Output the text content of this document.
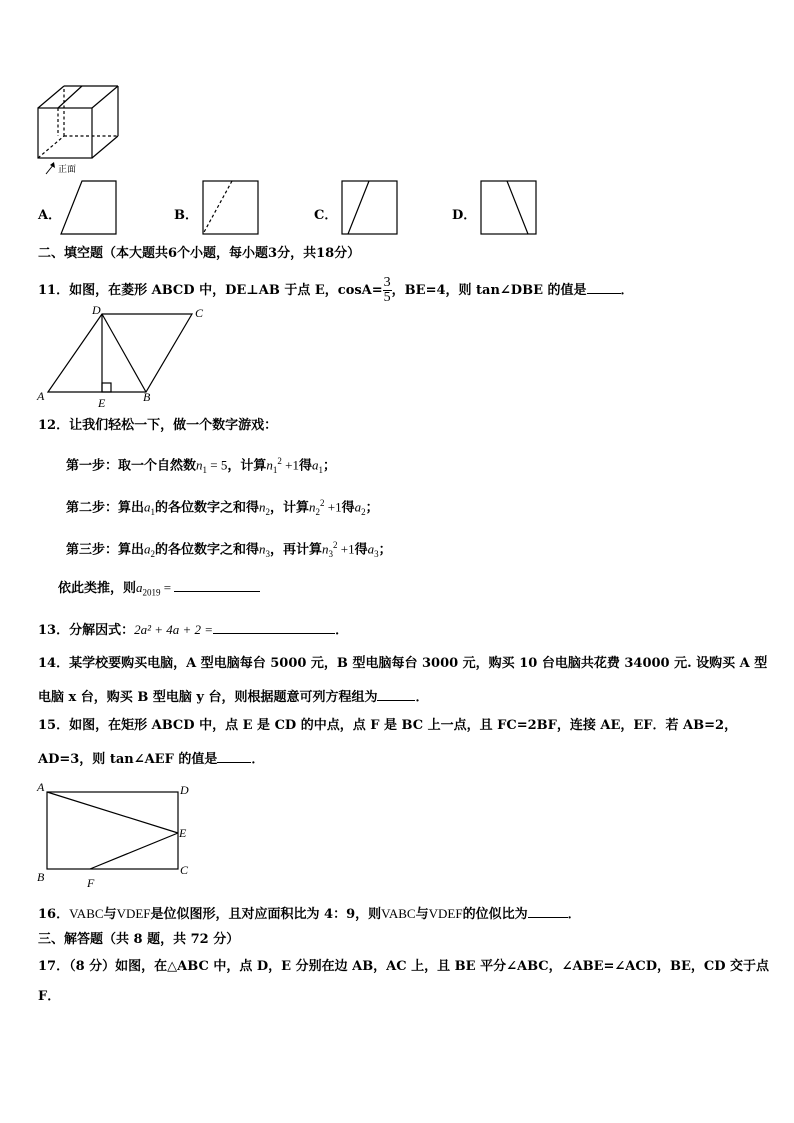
正面
A．	B．	C．	D．
二、填空题（本大题共6个小题，每小题3分，共18分）
11．如图，在菱形 ABCD 中，DE⊥AB 于点 E，$\cos A= \frac{3}{5}$ ，BE=4，则 tan∠DBE 的值是	．
D	C
A	E	B
12．让我们轻松一下，做一个数字游戏：
第一步：取一个自然数$n_1 = 5$，计算$n_1^2 +1$得$a_1$；
第二步：算出$a_1$的各位数字之和得$n_2$，计算$n_2^2 +1$得$a_2$；
第三步：算出$a_2$的各位数字之和得$n_3$，再计算$n_3^2 +1$得$a_3$；
依此类推，则$a_{2019}$ =
13．分解因式：2a² + 4a + 2 =	．
14．某学校要购买电脑，A 型电脑每台 5000 元，B 型电脑每台 3000 元，购买 10 台电脑共花费 34000 元. 设购买 A 型
电脑 x 台，购买 B 型电脑 y 台，则根据题意可列方程组为	．
15．如图，在矩形 ABCD 中，点 E 是 CD 的中点，点 F 是 BC 上一点，且 FC=2BF，连接 AE，EF．若 AB=2，
AD=3，则 tan∠AEF 的值是	．
A	D
E
C
B	F
16．VABC与VDEF是位似图形，且对应面积比为 4：9，则VABC与VDEF的位似比为	．
三、解答题（共 8 题，共 72 分）
17．（8 分）如图，在△ABC 中，点 D，E 分别在边 AB，AC 上，且 BE 平分∠ABC，∠ABE=∠ACD，BE，CD 交于点
F．
